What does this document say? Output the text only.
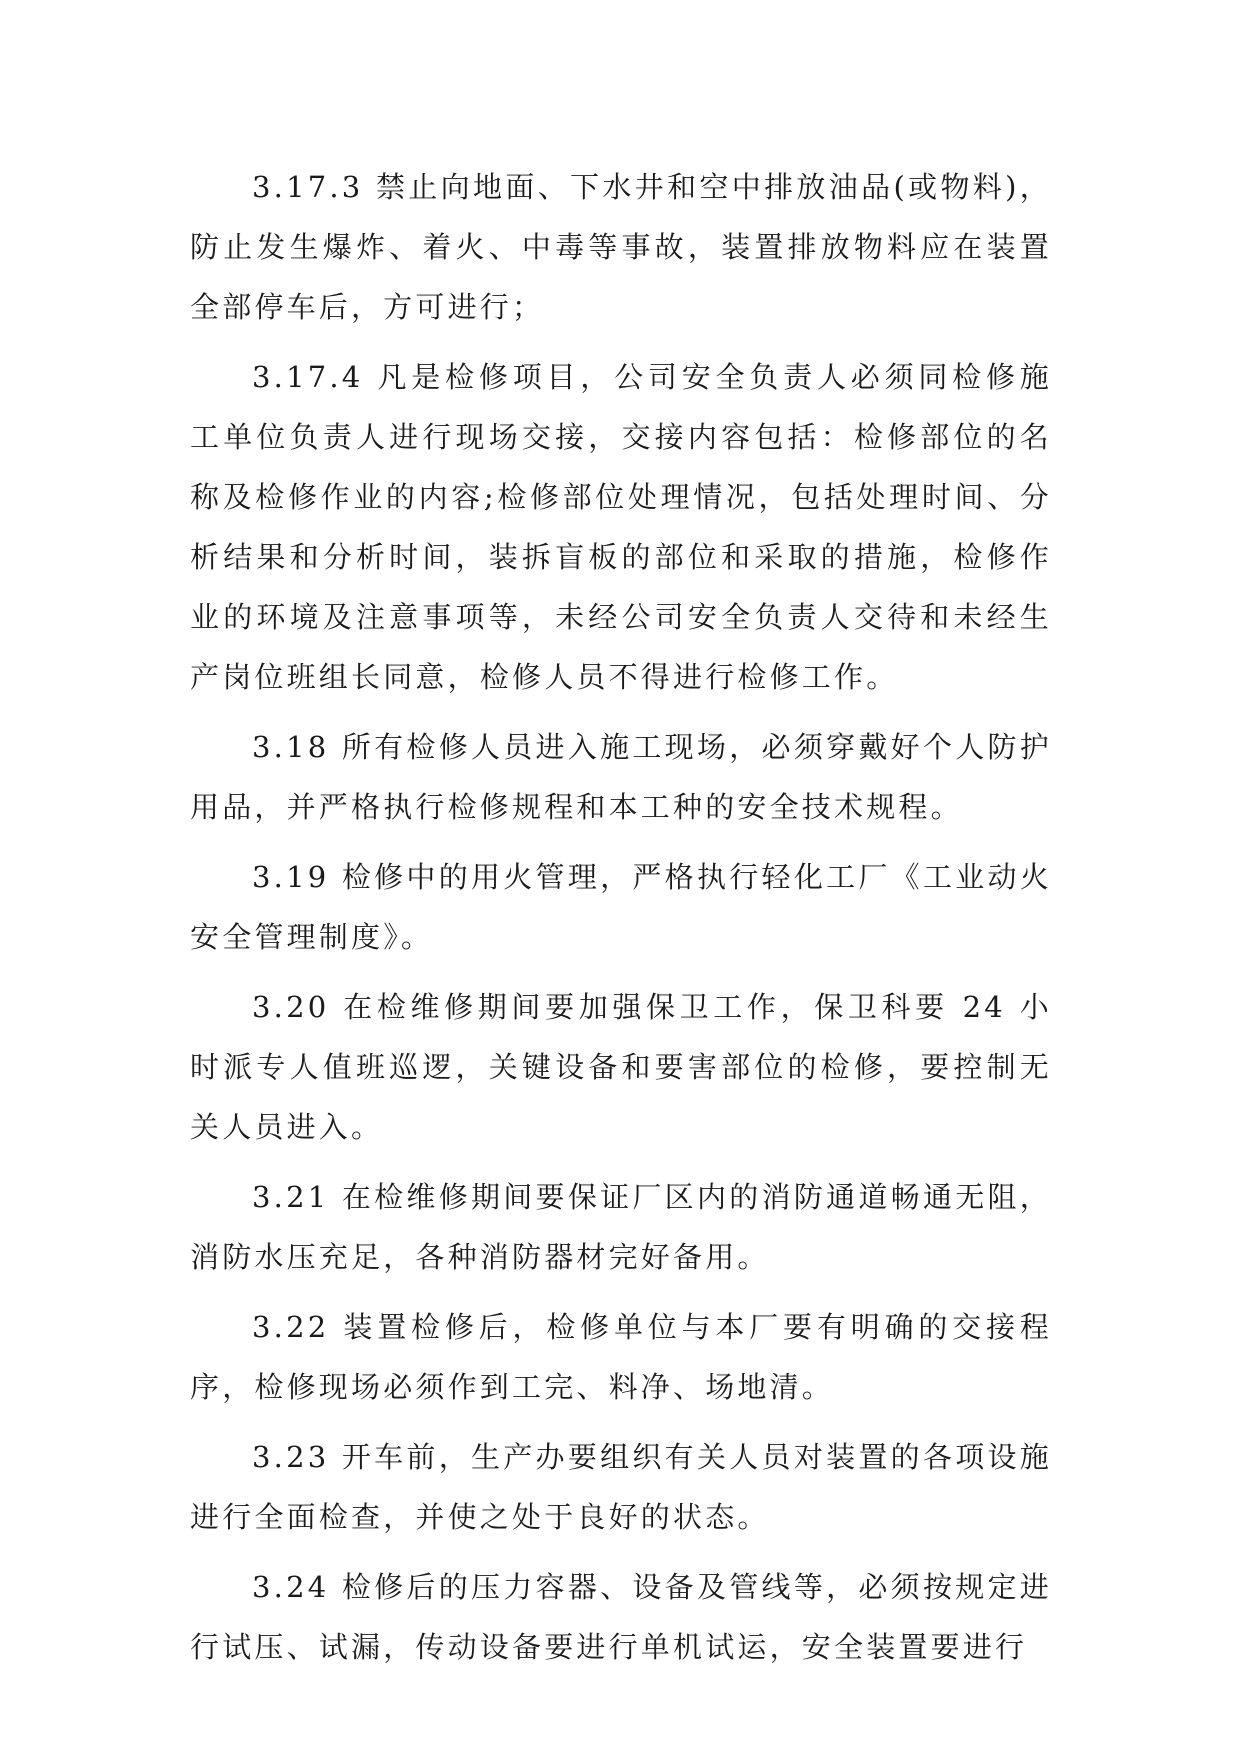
3.17.3 禁止向地面、下水井和空中排放油品(或物料)，防止发生爆炸、着火、中毒等事故，装置排放物料应在装置全部停车后，方可进行；

3.17.4 凡是检修项目，公司安全负责人必须同检修施工单位负责人进行现场交接，交接内容包括：检修部位的名称及检修作业的内容;检修部位处理情况，包括处理时间、分析结果和分析时间，装拆盲板的部位和采取的措施，检修作业的环境及注意事项等，未经公司安全负责人交待和未经生产岗位班组长同意，检修人员不得进行检修工作。

3.18 所有检修人员进入施工现场，必须穿戴好个人防护用品，并严格执行检修规程和本工种的安全技术规程。

3.19 检修中的用火管理，严格执行轻化工厂《工业动火安全管理制度》。

3.20 在检维修期间要加强保卫工作，保卫科要 24 小时派专人值班巡逻，关键设备和要害部位的检修，要控制无关人员进入。

3.21 在检维修期间要保证厂区内的消防通道畅通无阻，消防水压充足，各种消防器材完好备用。

3.22 装置检修后，检修单位与本厂要有明确的交接程序，检修现场必须作到工完、料净、场地清。

3.23 开车前，生产办要组织有关人员对装置的各项设施进行全面检查，并使之处于良好的状态。

3.24 检修后的压力容器、设备及管线等，必须按规定进行试压、试漏，传动设备要进行单机试运，安全装置要进行
